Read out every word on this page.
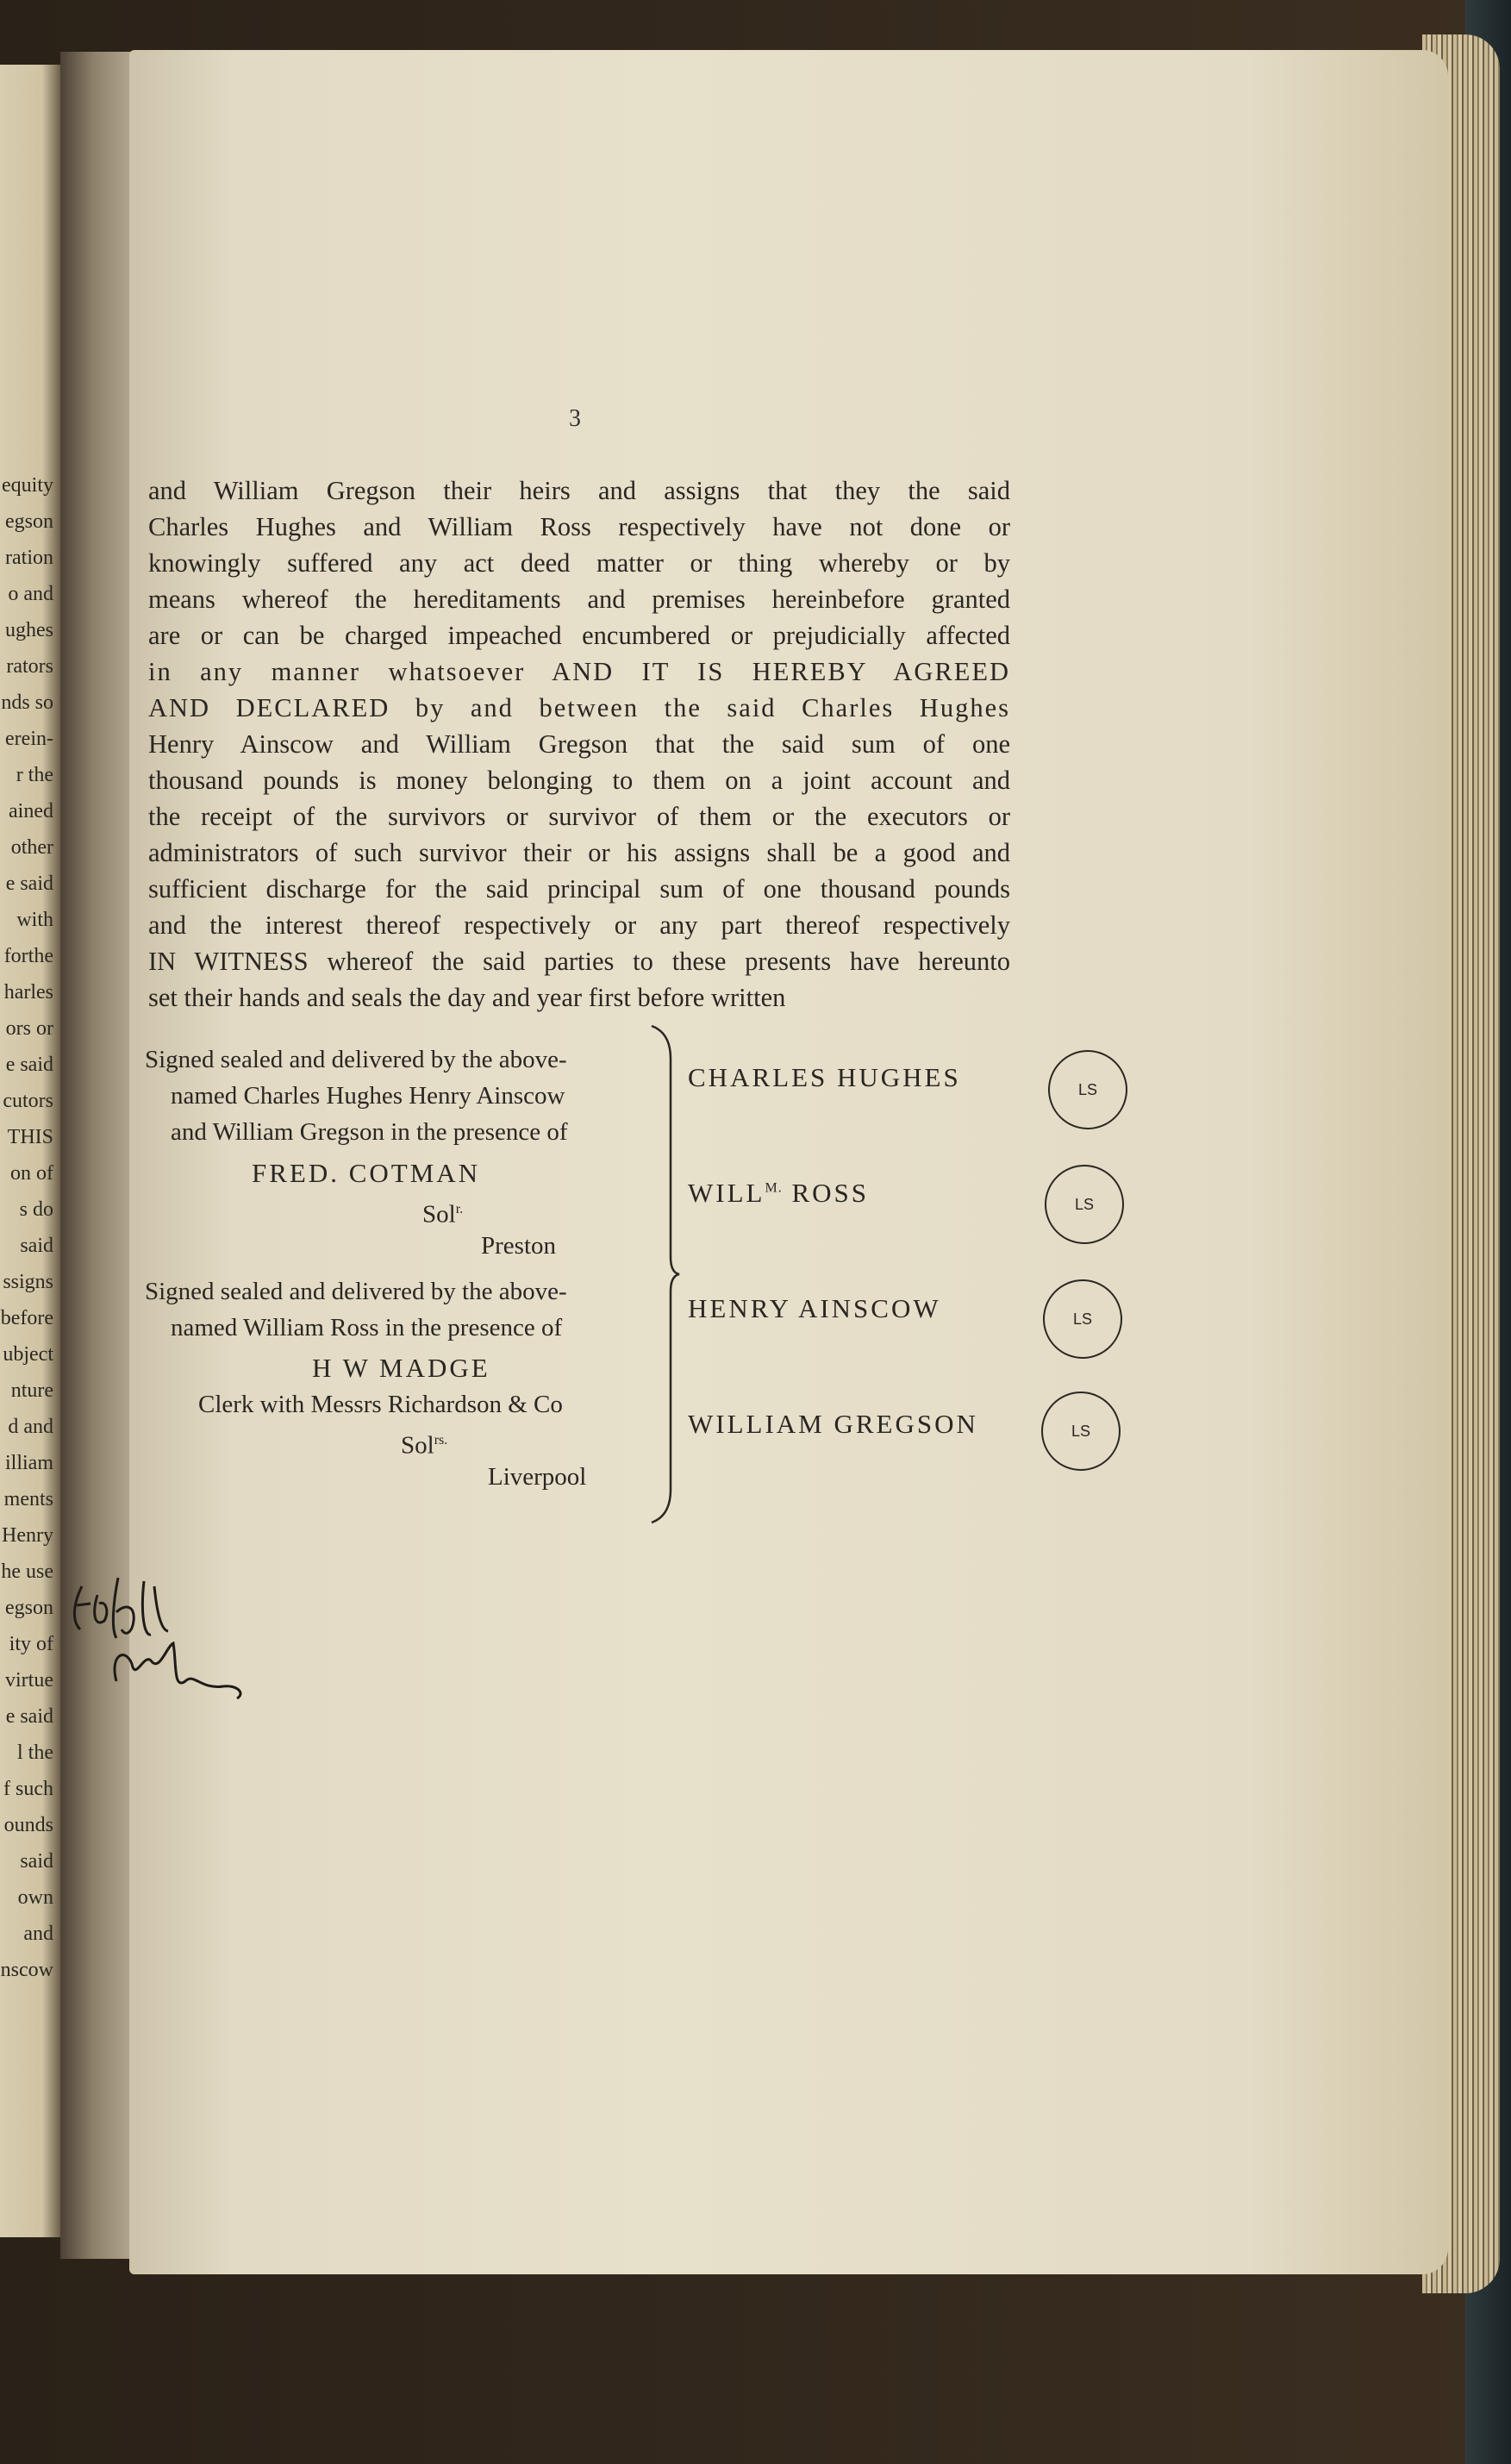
equity
egson
ration
o and
ughes
rators
nds so
erein-
r the
ained
other
e said
with
forthe
harles
ors or
e said
cutors
THIS
on of
s do
said
ssigns
before
ubject
nture
d and
illiam
ments
Henry
he use
egson
ity of
virtue
e said
l the
f such
ounds
said
own
and
nscow
3
and William Gregson their heirs and assigns that they the said
Charles Hughes and William Ross respectively have not done or
knowingly suffered any act deed matter or thing whereby or by
means whereof the hereditaments and premises hereinbefore granted
are or can be charged impeached encumbered or prejudicially affected
in any manner whatsoever AND IT IS HEREBY AGREED
AND DECLARED by and between the said Charles Hughes
Henry Ainscow and William Gregson that the said sum of one
thousand pounds is money belonging to them on a joint account and
the receipt of the survivors or survivor of them or the executors or
administrators of such survivor their or his assigns shall be a good and
sufficient discharge for the said principal sum of one thousand pounds
and the interest thereof respectively or any part thereof respectively
IN WITNESS whereof the said parties to these presents have hereunto
set their hands and seals the day and year first before written
Signed sealed and delivered by the above-
named Charles Hughes Henry Ainscow
and William Gregson in the presence of
FRED. COTMAN
Sol$^{r.}$
Preston
Signed sealed and delivered by the above-
named William Ross in the presence of
H W MADGE
Clerk with Messrs Richardson & Co
Sol$^{rs.}$
Liverpool
CHARLES HUGHES
$WILL^{M.}$ ROSS
HENRY AINSCOW
WILLIAM GREGSON
LS
LS
LS
LS
